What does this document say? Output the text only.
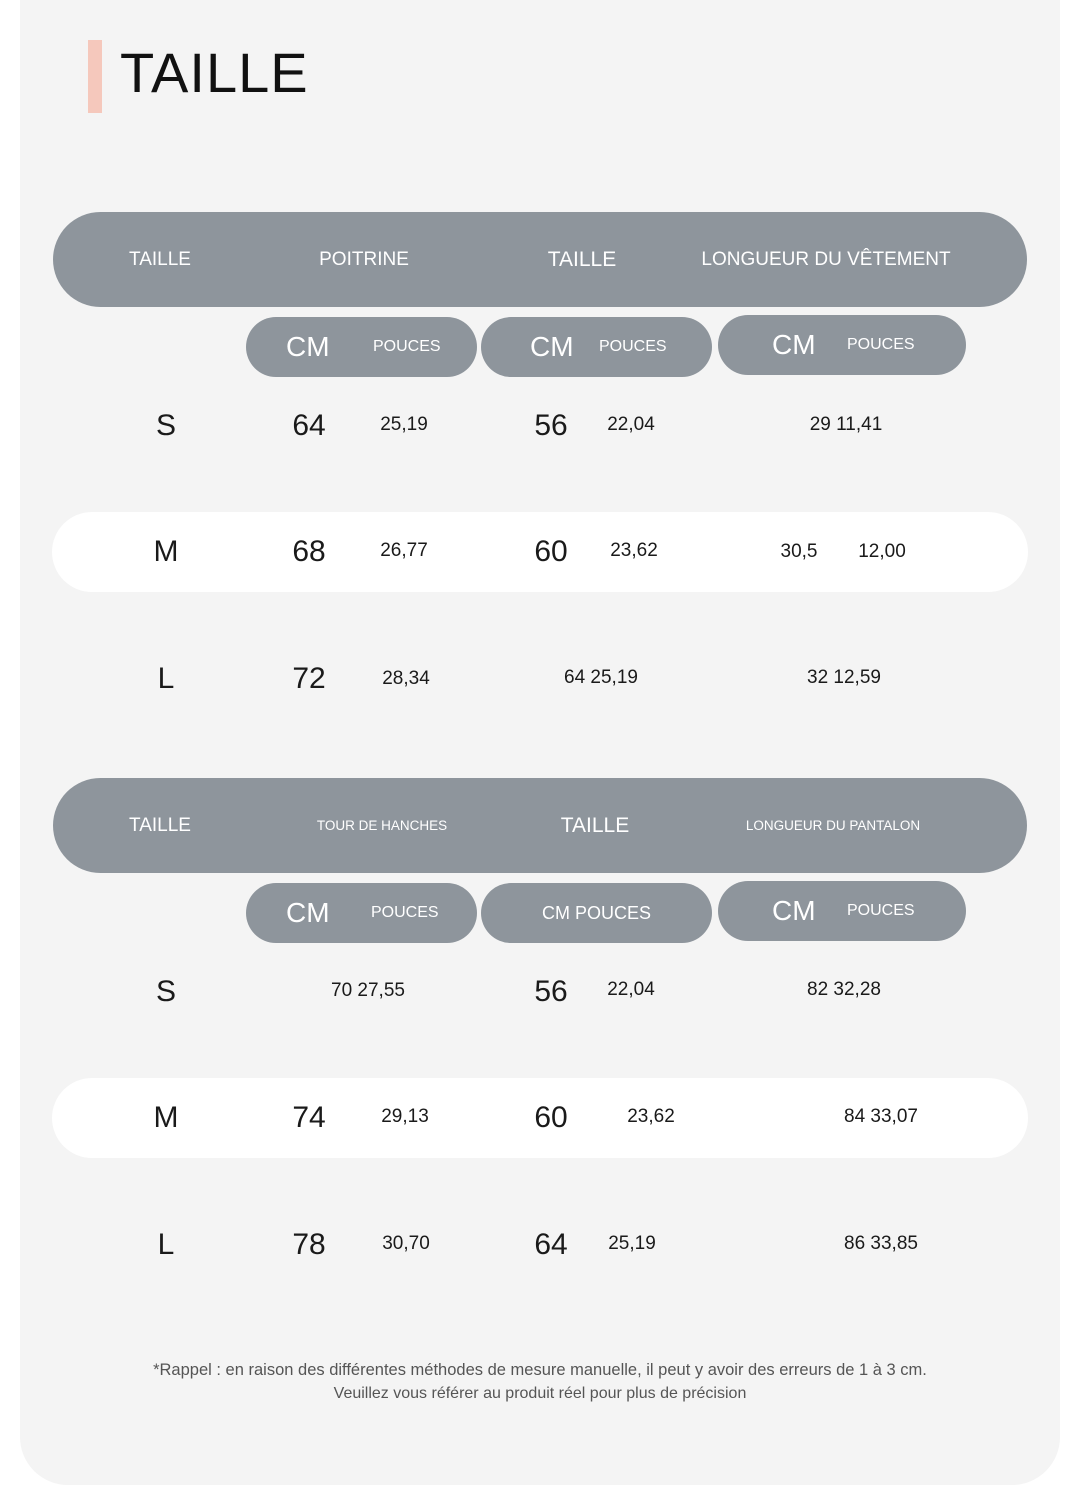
TAILLE
TAILLE	POITRINE	TAILLE	LONGUEUR DU VÊTEMENT
CM	POUCES	CM POUCES	CM POUCES
S	64	25,19	56 22,04	29 11,41
M	68	26,77	60 23,62	30,5 12,00
L	72	28,34	64 25,19	32 12,59
TAILLE	TOUR DE HANCHES	TAILLE	LONGUEUR DU PANTALON
CM	POUCES	CM POUCES	CM POUCES
S	70 27,55	56 22,04	82 32,28
M	74	29,13	60	23,62	84 33,07
L	78	30,70	64 25,19	86 33,85
*Rappel : en raison des différentes méthodes de mesure manuelle, il peut y avoir des erreurs de 1 à 3 cm.
Veuillez vous référer au produit réel pour plus de précision
